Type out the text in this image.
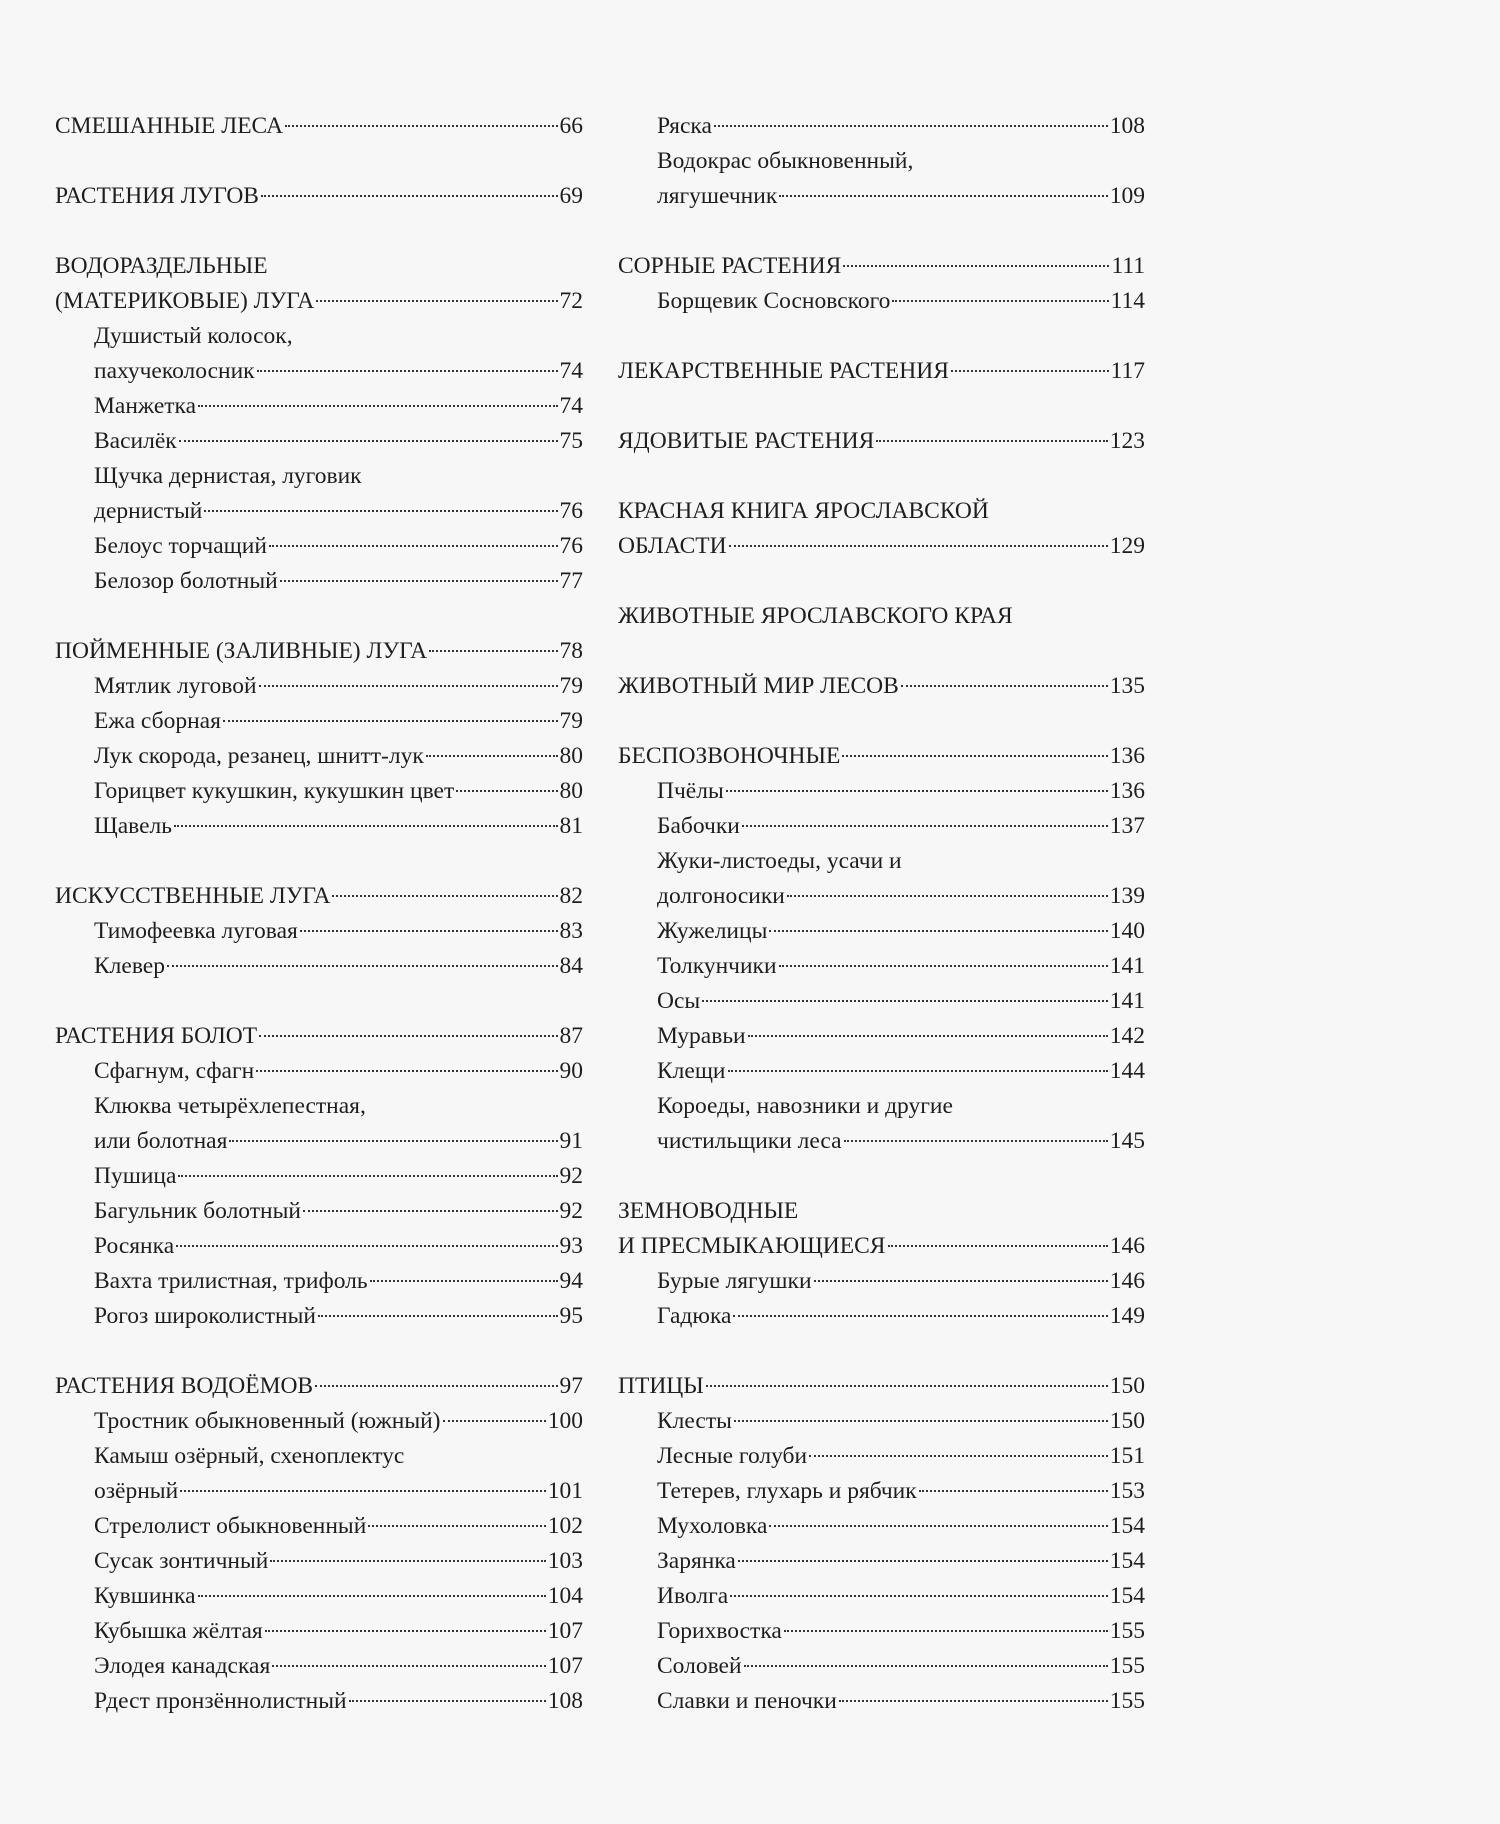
СМЕШАННЫЕ ЛЕСА	66
РАСТЕНИЯ ЛУГОВ	69
ВОДОРАЗДЕЛЬНЫЕ
(МАТЕРИКОВЫЕ) ЛУГА	72
Душистый колосок,
пахучеколосник	74
Манжетка	74
Василёк	75
Щучка дернистая, луговик
дернистый	76
Белоус торчащий	76
Белозор болотный	77
ПОЙМЕННЫЕ (ЗАЛИВНЫЕ) ЛУГА	78
Мятлик луговой	79
Ежа сборная	79
Лук скорода, резанец, шнитт-лук	80
Горицвет кукушкин, кукушкин цвет	80
Щавель	81
ИСКУССТВЕННЫЕ ЛУГА	82
Тимофеевка луговая	83
Клевер	84
РАСТЕНИЯ БОЛОТ	87
Сфагнум, сфагн	90
Клюква четырёхлепестная,
или болотная	91
Пушица	92
Багульник болотный	92
Росянка	93
Вахта трилистная, трифоль	94
Рогоз широколистный	95
РАСТЕНИЯ ВОДОЁМОВ	97
Тростник обыкновенный (южный)	100
Камыш озёрный, схеноплектус
озёрный	101
Стрелолист обыкновенный	102
Сусак зонтичный	103
Кувшинка	104
Кубышка жёлтая	107
Элодея канадская	107
Рдест пронзённолистный	108
Ряска	108
Водокрас обыкновенный,
лягушечник	109
СОРНЫЕ РАСТЕНИЯ	111
Борщевик Сосновского	114
ЛЕКАРСТВЕННЫЕ РАСТЕНИЯ	117
ЯДОВИТЫЕ РАСТЕНИЯ	123
КРАСНАЯ КНИГА ЯРОСЛАВСКОЙ
ОБЛАСТИ	129
ЖИВОТНЫЕ ЯРОСЛАВСКОГО КРАЯ
ЖИВОТНЫЙ МИР ЛЕСОВ	135
БЕСПОЗВОНОЧНЫЕ	136
Пчёлы	136
Бабочки	137
Жуки-листоеды, усачи и
долгоносики	139
Жужелицы	140
Толкунчики	141
Осы	141
Муравьи	142
Клещи	144
Короеды, навозники и другие
чистильщики леса	145
ЗЕМНОВОДНЫЕ
И ПРЕСМЫКАЮЩИЕСЯ	146
Бурые лягушки	146
Гадюка	149
ПТИЦЫ	150
Клесты	150
Лесные голуби	151
Тетерев, глухарь и рябчик	153
Мухоловка	154
Зарянка	154
Иволга	154
Горихвостка	155
Соловей	155
Славки и пеночки	155
